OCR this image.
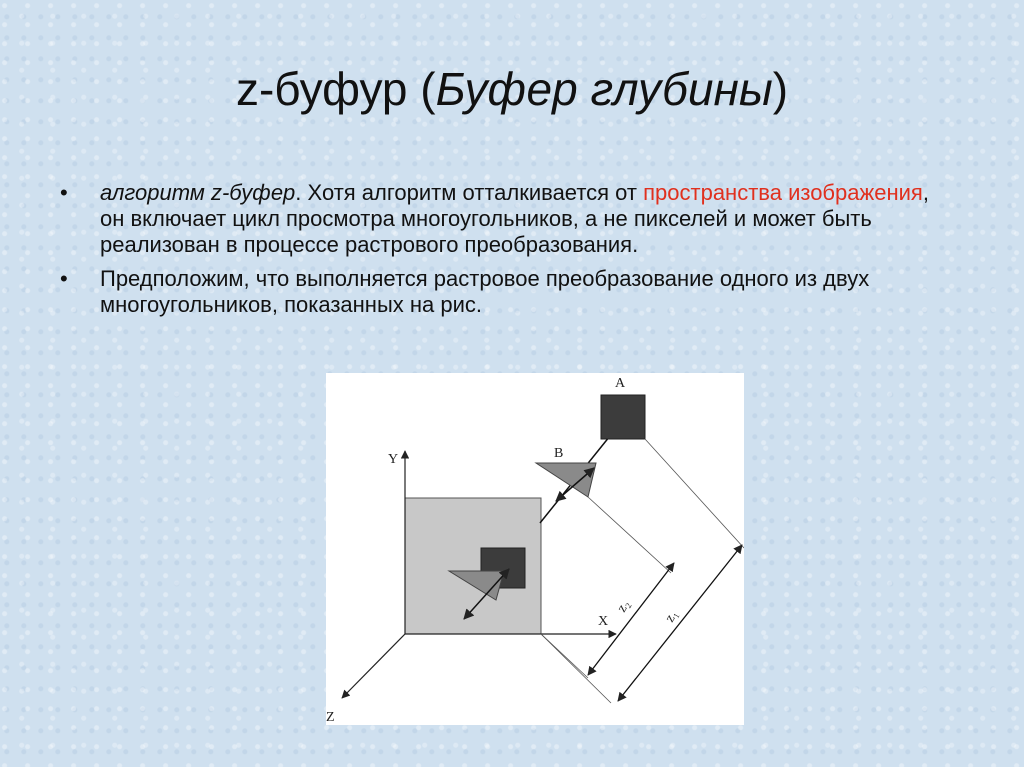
z-буфур (Буфер глубины)
• алгоритм z-буфер. Хотя алгоритм отталкивается от пространства изображения, он включает цикл просмотра многоугольников, а не пикселей и может быть реализован в процессе растрового преобразования.
• Предположим, что выполняется растровое преобразование одного из двух многоугольников, показанных на рис.
A
B
Y
X
Z
z₂
z₁
